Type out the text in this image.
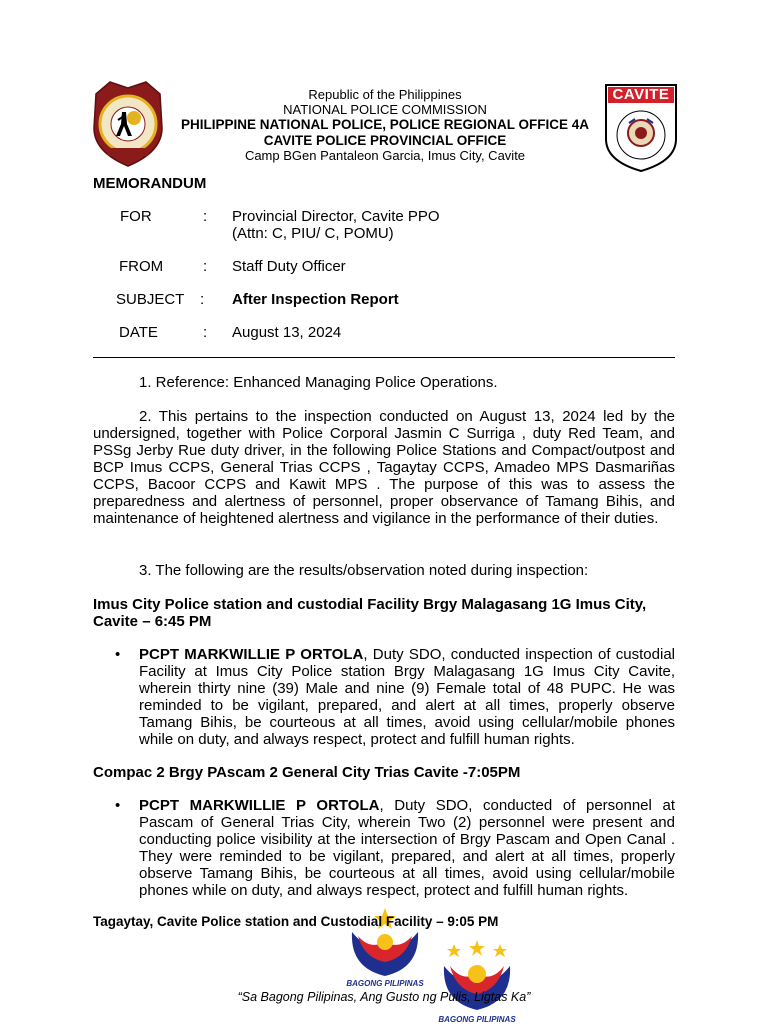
Republic of the Philippines
NATIONAL POLICE COMMISSION
PHILIPPINE NATIONAL POLICE, POLICE REGIONAL OFFICE 4A
CAVITE POLICE PROVINCIAL OFFICE
Camp BGen Pantaleon Garcia, Imus City, Cavite
CAVITE
MEMORANDUM
FOR	: Provincial Director, Cavite PPO
(Attn: C, PIU/ C, POMU)
FROM	: Staff Duty Officer
SUBJECT	: After Inspection Report
DATE	: August 13, 2024
1. Reference: Enhanced Managing Police Operations.
2. This pertains to the inspection conducted on August 13, 2024 led by the undersigned, together with Police Corporal Jasmin C Surriga , duty Red Team, and PSSg Jerby Rue duty driver, in the following Police Stations and Compact/outpost and BCP Imus CCPS, General Trias CCPS , Tagaytay CCPS, Amadeo MPS Dasmariñas CCPS, Bacoor CCPS and Kawit MPS . The purpose of this was to assess the preparedness and alertness of personnel, proper observance of Tamang Bihis, and maintenance of heightened alertness and vigilance in the performance of their duties.
3. The following are the results/observation noted during inspection:
Imus City Police station and custodial Facility Brgy Malagasang 1G Imus City, Cavite – 6:45 PM
• PCPT MARKWILLIE P ORTOLA, Duty SDO, conducted inspection of custodial Facility at Imus City Police station Brgy Malagasang 1G Imus City Cavite, wherein thirty nine (39) Male and nine (9) Female total of 48 PUPC. He was reminded to be vigilant, prepared, and alert at all times, properly observe Tamang Bihis, be courteous at all times, avoid using cellular/mobile phones while on duty, and always respect, protect and fulfill human rights.
Compac 2 Brgy PAscam 2 General City Trias Cavite -7:05PM
• PCPT MARKWILLIE P ORTOLA, Duty SDO, conducted of personnel at Pascam of General Trias City, wherein Two (2) personnel were present and conducting police visibility at the intersection of Brgy Pascam and Open Canal . They were reminded to be vigilant, prepared, and alert at all times, properly observe Tamang Bihis, be courteous at all times, avoid using cellular/mobile phones while on duty, and always respect, protect and fulfill human rights.
BAGONG PILIPINAS
Tagaytay, Cavite Police station and Custodial Facility – 9:05 PM
BAGONG PILIPINAS
“Sa Bagong Pilipinas, Ang Gusto ng Pulis, Ligtas Ka”
